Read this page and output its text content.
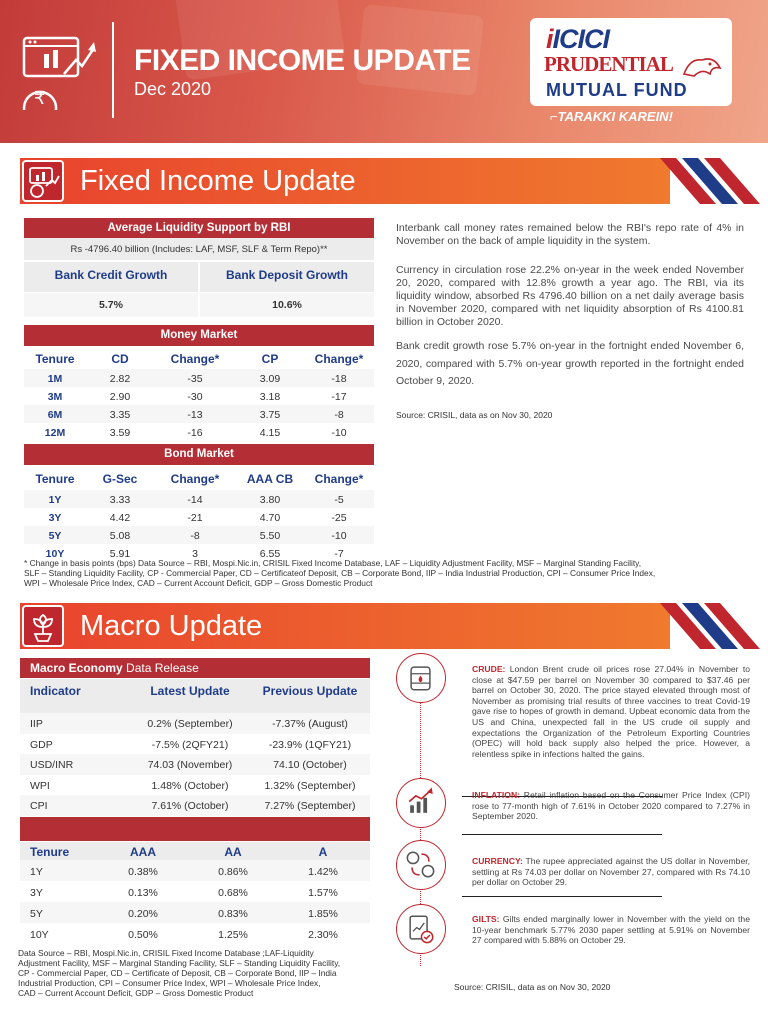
₹
FIXED INCOME UPDATE
Dec 2020
iICICI
PRUDENTIAL
MUTUAL FUND
⌐TARAKKI KAREIN!
Fixed Income Update
Average Liquidity Support by RBI
Rs -4796.40 billion (Includes: LAF, MSF, SLF & Term Repo)**
Bank Credit Growth	Bank Deposit Growth
5.7%	10.6%
Money Market
Tenure	CD	Change*	CP	Change*
1M	2.82	-35	3.09	-18
3M	2.90	-30	3.18	-17
6M	3.35	-13	3.75	-8
12M	3.59	-16	4.15	-10
Bond Market
Tenure	G-Sec	Change*	AAA CB	Change*
1Y	3.33	-14	3.80	-5
3Y	4.42	-21	4.70	-25
5Y	5.08	-8	5.50	-10
10Y	5.91	3	6.55	-7
Interbank call money rates remained below the RBI's repo rate of 4% in November on the back of ample liquidity in the system.
Currency in circulation rose 22.2% on-year in the week ended November 20, 2020, compared with 12.8% growth a year ago. The RBI, via its liquidity window, absorbed Rs 4796.40 billion on a net daily average basis in November 2020, compared with net liquidity absorption of Rs 4100.81 billion in October 2020.
Bank credit growth rose 5.7% on-year in the fortnight ended November 6, 2020, compared with 5.7% on-year growth reported in the fortnight ended October 9, 2020.
Source: CRISIL, data as on Nov 30, 2020
* Change in basis points (bps) Data Source – RBI, Mospi.Nic.in, CRISIL Fixed Income Database, LAF – Liquidity Adjustment Facility, MSF – Marginal Standing Facility,
SLF – Standing Liquidity Facility, CP - Commercial Paper, CD – Certificateof Deposit, CB – Corporate Bond, IIP – India Industrial Production, CPI – Consumer Price Index,
WPI – Wholesale Price Index, CAD – Current Account Deficit, GDP – Gross Domestic Product
Macro Update
Macro Economy Data Release
Indicator	Latest Update	Previous Update
IIP	0.2% (September)	-7.37% (August)
GDP	-7.5% (2QFY21)	-23.9% (1QFY21)
USD/INR	74.03 (November)	74.10 (October)
WPI	1.48% (October)	1.32% (September)
CPI	7.61% (October)	7.27% (September)
Tenure	AAA	AA	A
1Y	0.38%	0.86%	1.42%
3Y	0.13%	0.68%	1.57%
5Y	0.20%	0.83%	1.85%
10Y	0.50%	1.25%	2.30%
Data Source – RBI, Mospi.Nic.in, CRISIL Fixed Income Database ;LAF-Liquidity
Adjustment Facility, MSF – Marginal Standing Facility, SLF – Standing Liquidity Facility,
CP - Commercial Paper, CD – Certificate of Deposit, CB – Corporate Bond, IIP – India
Industrial Production, CPI – Consumer Price Index, WPI – Wholesale Price Index,
CAD – Current Account Deficit, GDP – Gross Domestic Product
CRUDE: London Brent crude oil prices rose 27.04% in November to close at $47.59 per barrel on November 30 compared to $37.46 per barrel on October 30, 2020. The price stayed elevated through most of November as promising trial results of three vaccines to treat Covid-19 gave rise to hopes of growth in demand. Upbeat economic data from the US and China, unexpected fall in the US crude oil supply and expectations the Organization of the Petroleum Exporting Countries (OPEC) will hold back supply also helped the price. However, a relentless spike in infections halted the gains.
INFLATION: Retail inflation based on the Consumer Price Index (CPI) rose to 77-month high of 7.61% in October 2020 compared to 7.27% in September 2020.
CURRENCY: The rupee appreciated against the US dollar in November, settling at Rs 74.03 per dollar on November 27, compared with Rs 74.10 per dollar on October 29.
GILTS: Gilts ended marginally lower in November with the yield on the 10-year benchmark 5.77% 2030 paper settling at 5.91% on November 27 compared with 5.88% on October 29.
Source: CRISIL, data as on Nov 30, 2020
